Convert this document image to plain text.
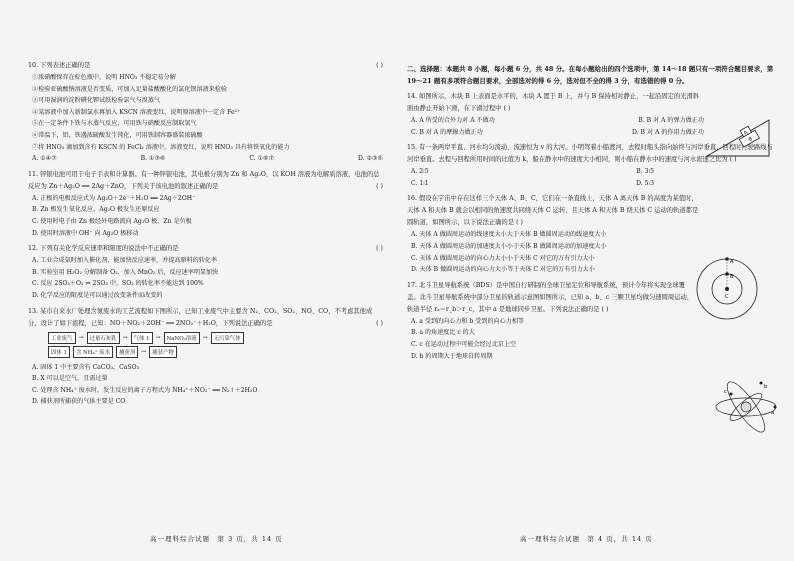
10. 下列表述正确的是	( )

①浓硝酸保存在棕色瓶中，说明 HNO₃ 不稳定易分解
②检验亚硫酸钠溶液是否变质，可加入足量盐酸酸化的氯化钡溶液来检验
③可用湿润的淀粉碘化钾试纸检验氯气与溴蒸气
④某溶液中加入新制氯水再加入 KSCN 溶液变红，说明原溶液中一定含 Fe²⁺
⑤在一定条件下铁与水蒸气反应，可用铁与硝酸反应制取氢气
⑥常温下，铝、铁遇浓硫酸发生钝化，可用铁制容器盛装浓硫酸
⑦将 HNO₃ 滴加到含有 KSCN 的 FeCl₂ 溶液中，溶液变红，说明 HNO₃ 具有将铁氧化的能力
A. ①④⑦	B. ①③⑥	C. ①⑥⑦	D. ②③⑤

11. 锌银电池可用于电子手表和计算器。有一种锌银电池，其电极分别为 Zn 和 Ag₂O，以 KOH 溶液为电解质溶液，电池的总反应为 Zn＋Ag₂O ══ 2Ag＋ZnO，下列关于该电池的叙述正确的是	( )

A. 正极的电极反应式为 Ag₂O＋2e⁻＋H₂O ══ 2Ag＋2OH⁻
B. Zn 极发生氧化反应，Ag₂O 极发生还原反应
C. 使用时电子由 Zn 极经外电路流向 Ag₂O 极，Zn 是负极
D. 使用时溶液中 OH⁻ 向 Ag₂O 极移动

12. 下列有关化学反应速率和限度的说法中不正确的是	( )

A. 工业合成氨时加入催化剂，能加快反应速率，并提高原料的转化率
B. 实验室用 H₂O₂ 分解制备 O₂，加入 MnO₂ 后，反应速率明显加快
C. 反应 2SO₂＋O₂ ⇌ 2SO₃ 中，SO₂ 的转化率不能达到 100%
D. 化学反应的限度是可以通过改变条件而改变的

13. 某市自来水厂处理含氮废水的工艺流程如下图所示，已知工业废气中主要含 N₂、CO₂、SO₂、NO、CO，不考虑其他成分，设计了如下流程，已知：NO＋NO₂＋2OH⁻ ══ 2NO₂⁻＋H₂O，下列说法正确的是	( )

工业废气	→	过量石灰乳	→	气体 1	→	NaNO₂溶液	→	无污染气体
固体 1	含 NH₄⁺ 废水	捕获剂	→	捕获产物
A. 固体 1 中主要含有 CaCO₃、CaSO₃
B. X 可以是空气，且需过量
C. 处理含 NH₄⁺ 废水时，发生反应的离子方程式为 NH₄⁺＋NO₂⁻ ══ N₂↑＋2H₂O
D. 捕获剂所捕获的气体主要是 CO
高一理科综合试题　第 3 页，共 14 页
二、选择题：本题共 8 小题，每小题 6 分，共 48 分。在每小题给出的四个选项中，第 14～18 题只有一项符合题目要求，第 19～21 题有多项符合题目要求，全部选对的得 6 分，选对但不全的得 3 分，有选错的得 0 分。

14. 如图所示，木块 B 上表面是水平的，木块 A 置于 B 上，并与 B 保持相对静止，一起沿固定的光滑斜面由静止开始下滑，在下滑过程中 ( )

A. A 所受的合外力对 A 不做功	B. B 对 A 的弹力做正功
C. B 对 A 的摩擦力做正功	D. B 对 A 的作用力做正功

15. 有一条两岸平直、河水均匀流动、流速恒为 v 的大河。小明驾着小船渡河，去程时船头指向始终与河岸垂直，回程时行驶路线与河岸垂直。去程与回程所用时间的比值为 k，船在静水中的速度大小相同，则小船在静水中的速度与河水流速之比为 ( )

A. 2∶5	B. 3∶5
C. 1∶1	D. 5∶3

16. 假设在宇宙中存在这样三个天体 A、B、C，它们在一条直线上，天体 A 离天体 B 的高度为某值时，天体 A 和天体 B 就会以相同的角速度共同绕天体 C 运转，且天体 A 和天体 B 绕天体 C 运动的轨道都是圆轨道，如图所示，以下说法正确的是 ( )

A. 天体 A 做圆周运动的线速度大小大于天体 B 做圆周运动的线速度大小
B. 天体 A 做圆周运动的加速度大小小于天体 B 做圆周运动的加速度大小
C. 天体 A 做圆周运动的向心力大小小于天体 C 对它的万有引力大小
D. 天体 B 做圆周运动的向心力大小等于天体 C 对它的万有引力大小

17. 北斗卫星导航系统（BDS）是中国自行研制的全球卫星定位和导航系统，预计今年将实现全球覆盖。北斗卫星导航系统中部分卫星的轨道示意图如图所示，已知 a、b、c 三颗卫星均做匀速圆周运动，轨道半径 rₐ＝r_b＞r_c，其中 a 是地球同步卫星。下列说法正确的是 ( )

A. a 受到的向心力和 b 受到的向心力相等
B. a 的角速度比 c 的大
C. c 在运动过程中可能会经过北京上空
D. b 的周期大于地球自转周期
高一理科综合试题　第 4 页，共 14 页
A
B
A
B
C
a
b
c
